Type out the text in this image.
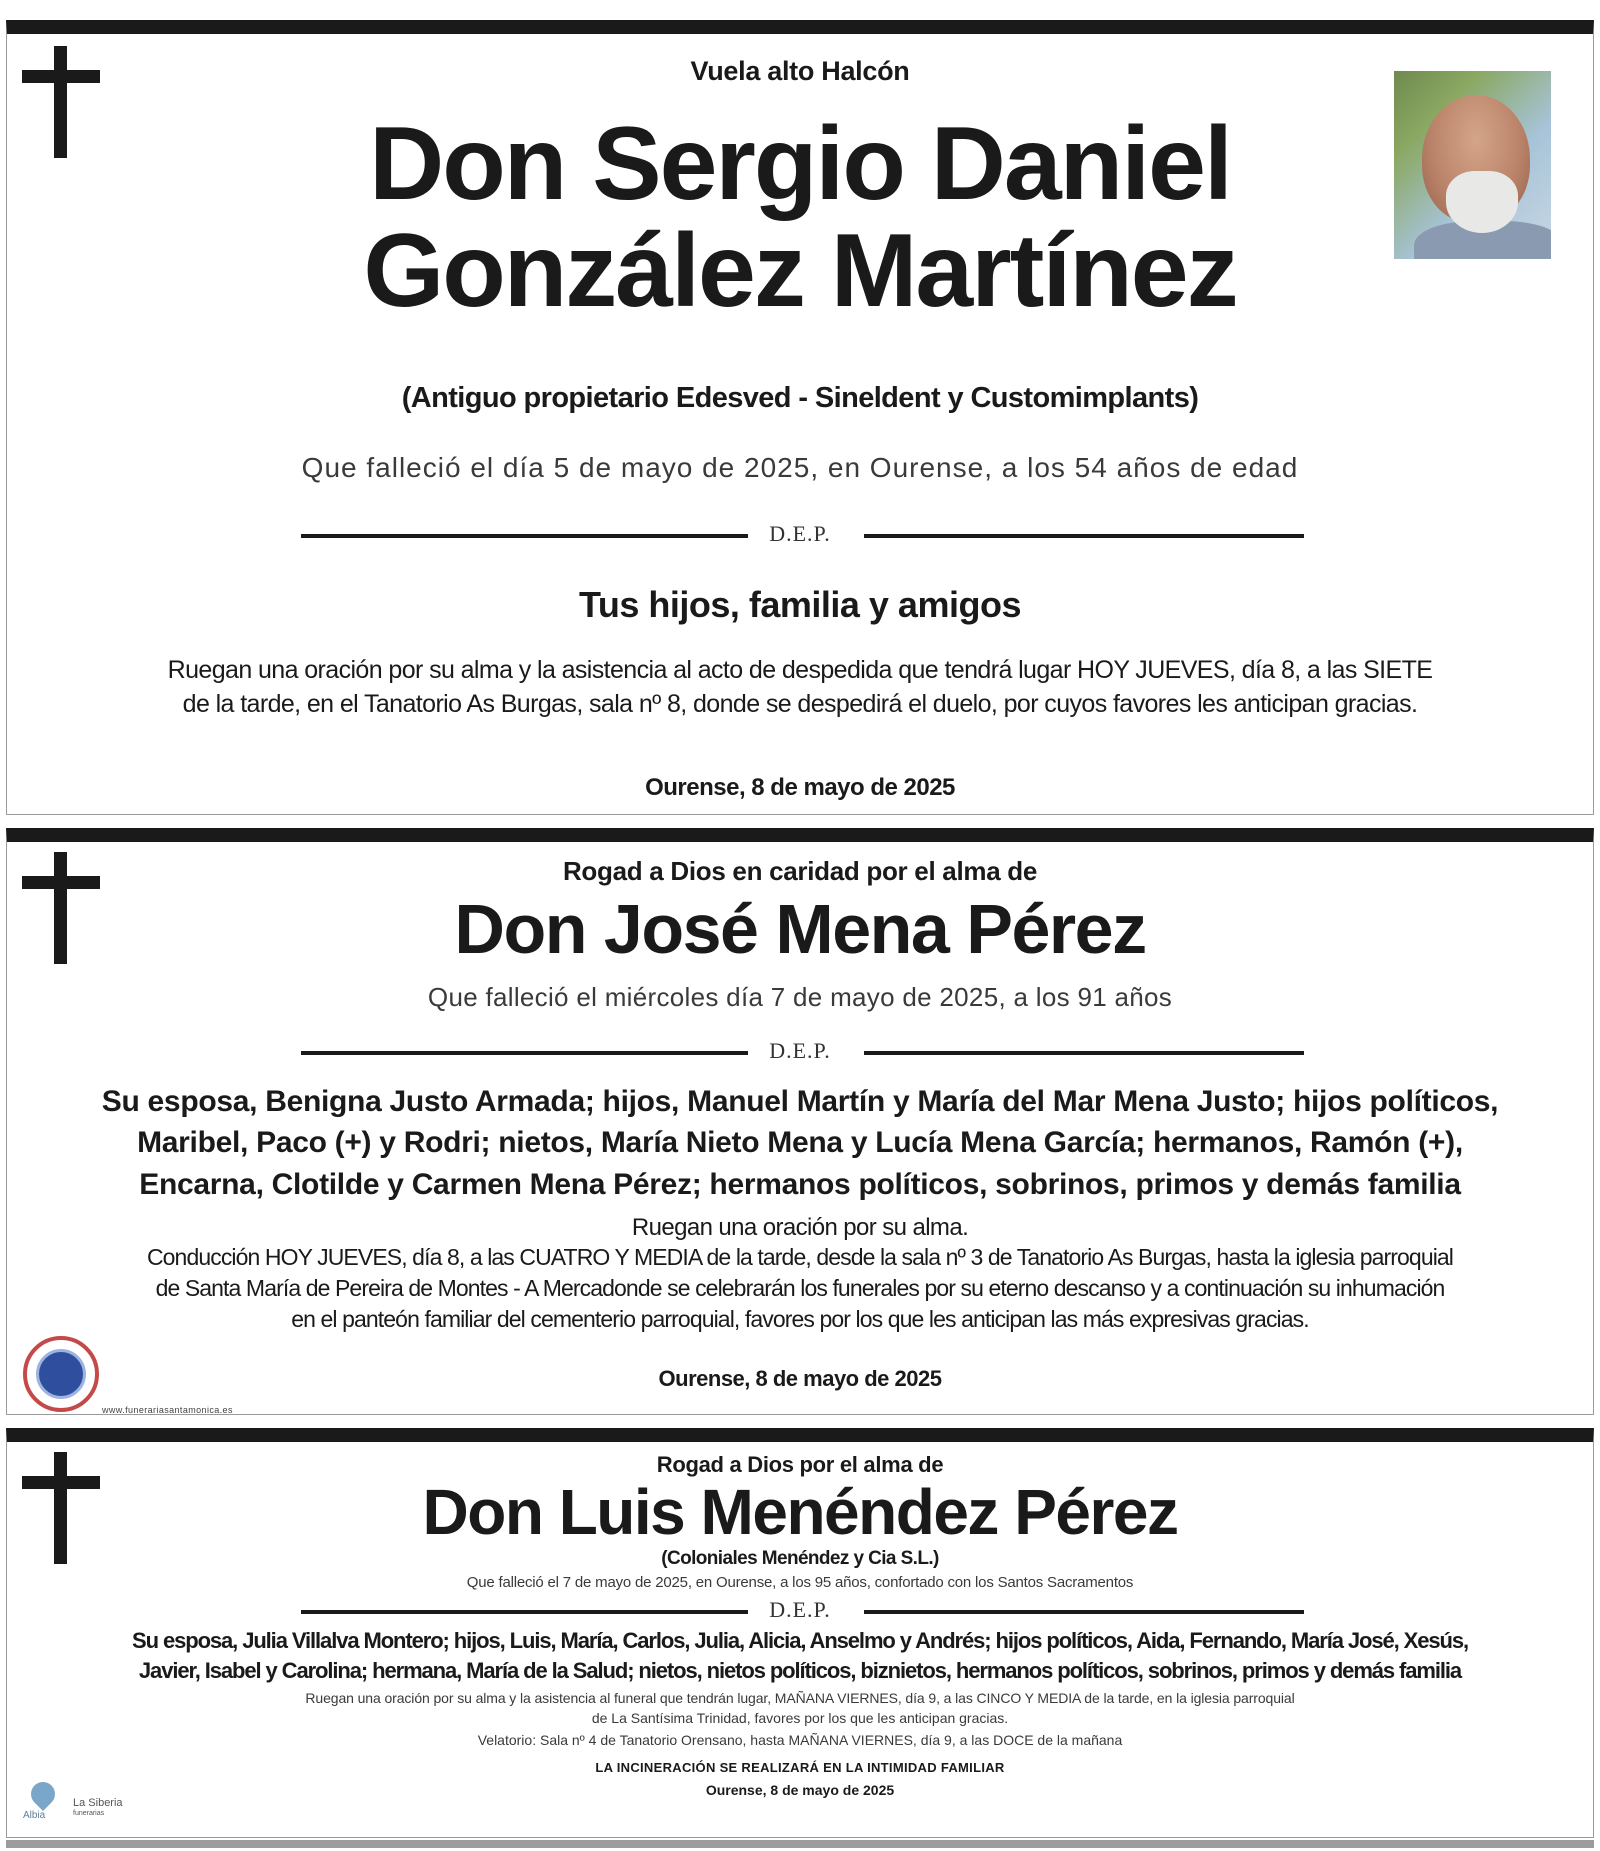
Vuela alto Halcón
Don Sergio Daniel
González Martínez
(Antiguo propietario Edesved - Sineldent y Customimplants)
Que falleció el día 5 de mayo de 2025, en Ourense, a los 54 años de edad
D.E.P.
Tus hijos, familia y amigos
Ruegan una oración por su alma y la asistencia al acto de despedida que tendrá lugar HOY JUEVES, día 8, a las SIETE
de la tarde, en el Tanatorio As Burgas, sala nº 8, donde se despedirá el duelo, por cuyos favores les anticipan gracias.
Ourense, 8 de mayo de 2025
Rogad a Dios en caridad por el alma de
Don José Mena Pérez
Que falleció el miércoles día 7 de mayo de 2025, a los 91 años
D.E.P.
Su esposa, Benigna Justo Armada; hijos, Manuel Martín y María del Mar Mena Justo; hijos políticos,
Maribel, Paco (+) y Rodri; nietos, María Nieto Mena y Lucía Mena García; hermanos, Ramón (+),
Encarna, Clotilde y Carmen Mena Pérez; hermanos políticos, sobrinos, primos y demás familia
Ruegan una oración por su alma.
Conducción HOY JUEVES, día 8, a las CUATRO Y MEDIA de la tarde, desde la sala nº 3 de Tanatorio As Burgas, hasta la iglesia parroquial
de Santa María de Pereira de Montes - A Mercadonde se celebrarán los funerales por su eterno descanso y a continuación su inhumación
en el panteón familiar del cementerio parroquial, favores por los que les anticipan las más expresivas gracias.
www.funerariasantamonica.es
Ourense, 8 de mayo de 2025
Rogad a Dios por el alma de
Don Luis Menéndez Pérez
(Coloniales Menéndez y Cia S.L.)
Que falleció el 7 de mayo de 2025, en Ourense, a los 95 años, confortado con los Santos Sacramentos
D.E.P.
Su esposa, Julia Villalva Montero; hijos, Luis, María, Carlos, Julia, Alicia, Anselmo y Andrés; hijos políticos, Aida, Fernando, María José, Xesús,
Javier, Isabel y Carolina; hermana, María de la Salud; nietos, nietos políticos, biznietos, hermanos políticos, sobrinos, primos y demás familia
Ruegan una oración por su alma y la asistencia al funeral que tendrán lugar, MAÑANA VIERNES, día 9, a las CINCO Y MEDIA de la tarde, en la iglesia parroquial
de La Santísima Trinidad, favores por los que les anticipan gracias.
Velatorio: Sala nº 4 de Tanatorio Orensano, hasta MAÑANA VIERNES, día 9, a las DOCE de la mañana
LA INCINERACIÓN SE REALIZARÁ EN LA INTIMIDAD FAMILIAR
Ourense, 8 de mayo de 2025
Albia
La Siberia
funerarias
